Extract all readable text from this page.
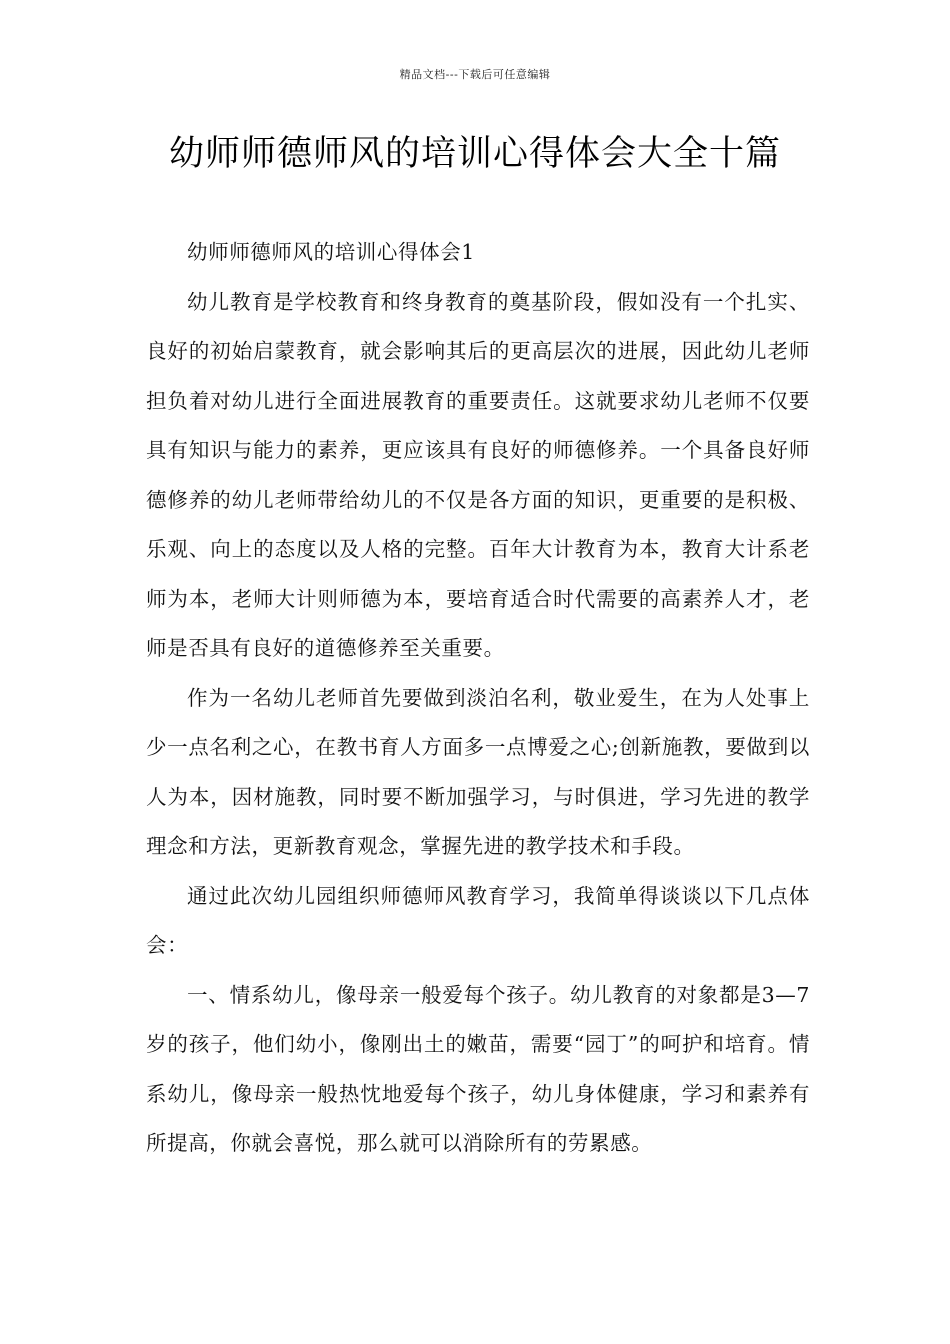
精品文档---下载后可任意编辑
幼师师德师风的培训心得体会大全十篇

幼师师德师风的培训心得体会1

幼儿教育是学校教育和终身教育的奠基阶段，假如没有一个扎实、良好的初始启蒙教育，就会影响其后的更高层次的进展，因此幼儿老师担负着对幼儿进行全面进展教育的重要责任。这就要求幼儿老师不仅要具有知识与能力的素养，更应该具有良好的师德修养。一个具备良好师德修养的幼儿老师带给幼儿的不仅是各方面的知识，更重要的是积极、乐观、向上的态度以及人格的完整。百年大计教育为本，教育大计系老师为本，老师大计则师德为本，要培育适合时代需要的高素养人才，老师是否具有良好的道德修养至关重要。

作为一名幼儿老师首先要做到淡泊名利，敬业爱生，在为人处事上少一点名利之心，在教书育人方面多一点博爱之心;创新施教，要做到以人为本，因材施教，同时要不断加强学习，与时俱进，学习先进的教学理念和方法，更新教育观念，掌握先进的教学技术和手段。

通过此次幼儿园组织师德师风教育学习，我简单得谈谈以下几点体会：

一、情系幼儿，像母亲一般爱每个孩子。幼儿教育的对象都是3—7岁的孩子，他们幼小，像刚出土的嫩苗，需要“园丁”的呵护和培育。情系幼儿，像母亲一般热忱地爱每个孩子，幼儿身体健康，学习和素养有所提高，你就会喜悦，那么就可以消除所有的劳累感。
